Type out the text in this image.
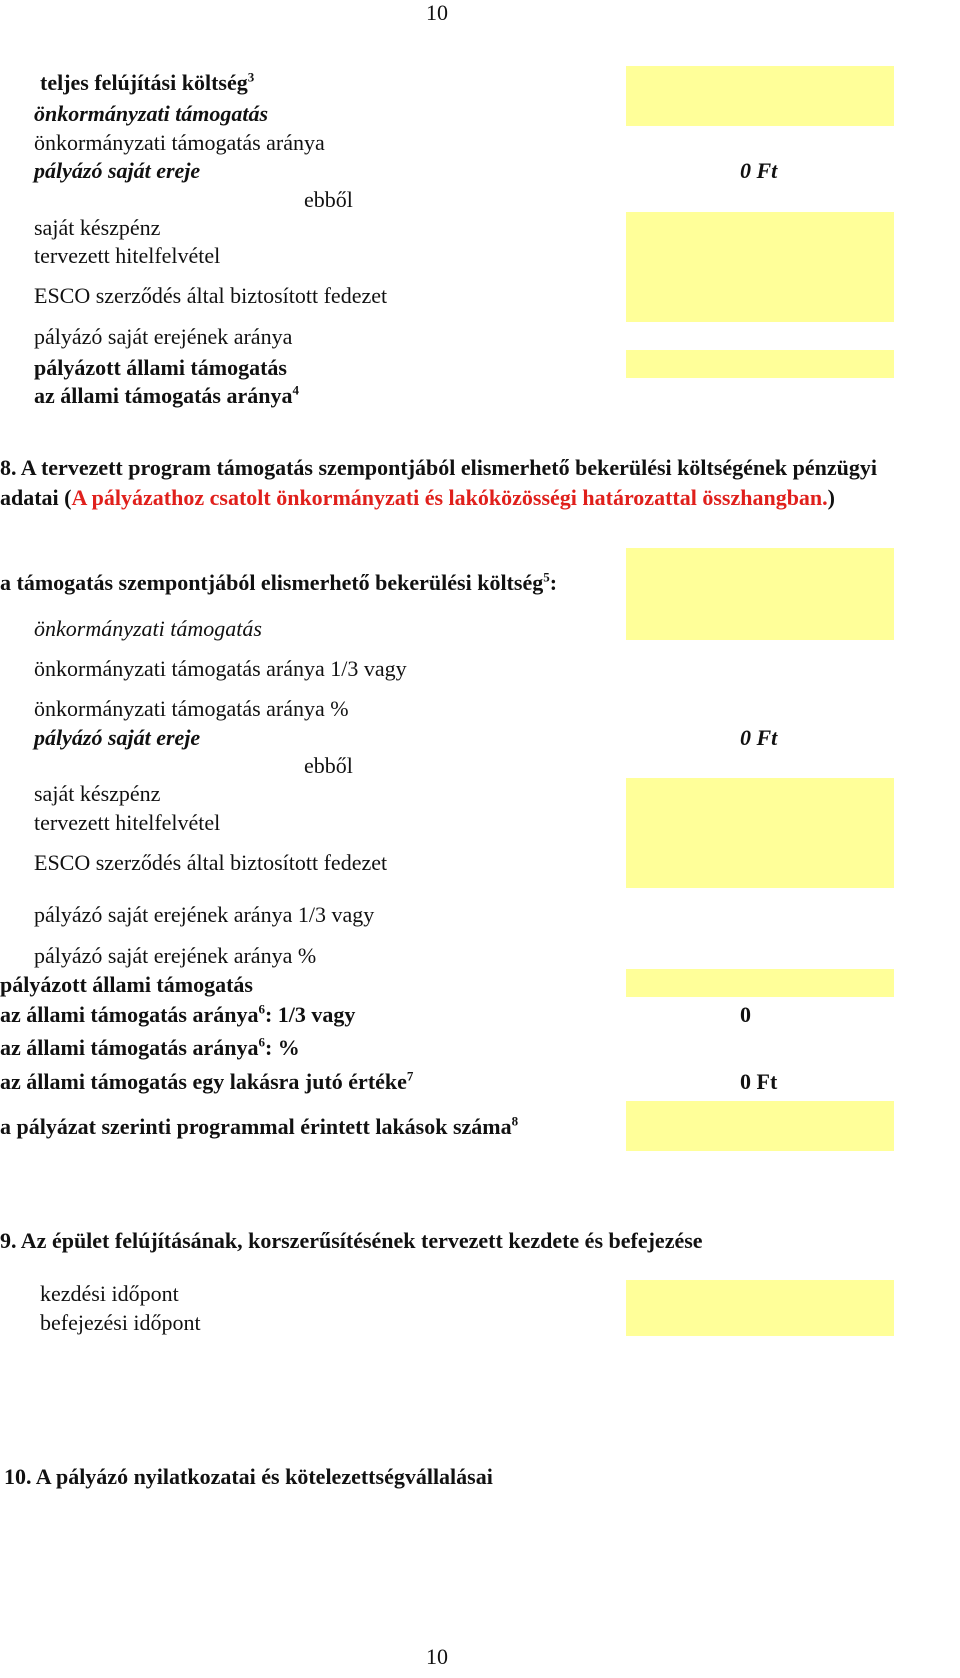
10
teljes felújítási költség$^3$
önkormányzati támogatás
önkormányzati támogatás aránya
pályázó saját ereje	0 Ft
ebből
saját készpénz
tervezett hitelfelvétel
ESCO szerződés által biztosított fedezet
pályázó saját erejének aránya
pályázott állami támogatás
az állami támogatás aránya$^4$
8. A tervezett program támogatás szempontjából elismerhető bekerülési költségének pénzügyi adatai (A pályázathoz csatolt önkormányzati és lakóközösségi határozattal összhangban.)
a támogatás szempontjából elismerhető bekerülési költség$^5$:
önkormányzati támogatás
önkormányzati támogatás aránya 1/3 vagy
önkormányzati támogatás aránya %
pályázó saját ereje	0 Ft
ebből
saját készpénz
tervezett hitelfelvétel
ESCO szerződés által biztosított fedezet
pályázó saját erejének aránya 1/3 vagy
pályázó saját erejének aránya %
pályázott állami támogatás
az állami támogatás aránya$^6$: 1/3 vagy	0
az állami támogatás aránya$^6$: %
az állami támogatás egy lakásra jutó értéke$^7$	0 Ft
a pályázat szerinti programmal érintett lakások száma$^8$
9. Az épület felújításának, korszerűsítésének tervezett kezdete és befejezése
kezdési időpont
befejezési időpont
10. A pályázó nyilatkozatai és kötelezettségvállalásai
10
